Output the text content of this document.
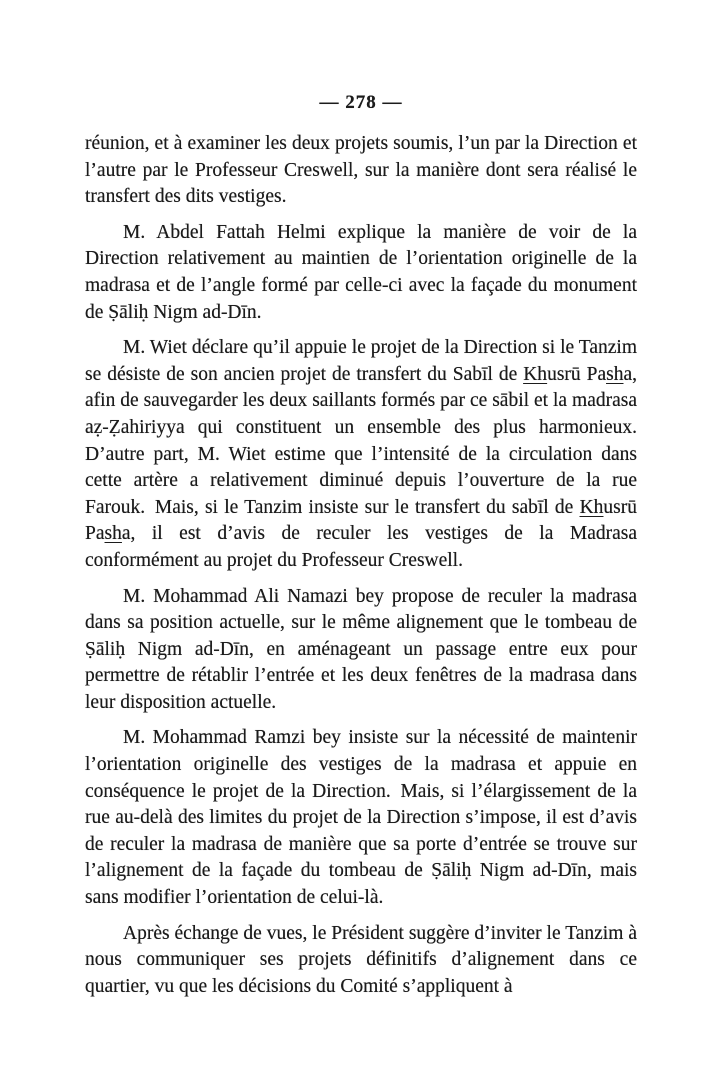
— 278 —

réunion, et à examiner les deux projets soumis, l’un par la Direction et l’autre par le Professeur Creswell, sur la manière dont sera réalisé le transfert des dits vestiges.

M. Abdel Fattah Helmi explique la manière de voir de la Direction relativement au maintien de l’orientation originelle de la madrasa et de l’angle formé par celle-ci avec la façade du monument de Ṣāliḥ Nigm ad-Dīn.

M. Wiet déclare qu’il appuie le projet de la Direction si le Tanzim se désiste de son ancien projet de transfert du Sabīl de Khusrū Pasha, afin de sauvegarder les deux saillants formés par ce sābil et la madrasa aẓ-Ẓahiriyya qui constituent un ensemble des plus harmonieux. D’autre part, M. Wiet estime que l’intensité de la circulation dans cette artère a relativement diminué depuis l’ouverture de la rue Farouk. Mais, si le Tanzim insiste sur le transfert du sabīl de Khusrū Pasha, il est d’avis de reculer les vestiges de la Madrasa conformément au projet du Professeur Creswell.

M. Mohammad Ali Namazi bey propose de reculer la madrasa dans sa position actuelle, sur le même alignement que le tombeau de Ṣāliḥ Nigm ad-Dīn, en aménageant un passage entre eux pour permettre de rétablir l’entrée et les deux fenêtres de la madrasa dans leur disposition actuelle.

M. Mohammad Ramzi bey insiste sur la nécessité de maintenir l’orientation originelle des vestiges de la madrasa et appuie en conséquence le projet de la Direction. Mais, si l’élargissement de la rue au-delà des limites du projet de la Direction s’impose, il est d’avis de reculer la madrasa de manière que sa porte d’entrée se trouve sur l’alignement de la façade du tombeau de Ṣāliḥ Nigm ad-Dīn, mais sans modifier l’orientation de celui-là.

Après échange de vues, le Président suggère d’inviter le Tanzim à nous communiquer ses projets définitifs d’alignement dans ce quartier, vu que les décisions du Comité s’appliquent à
